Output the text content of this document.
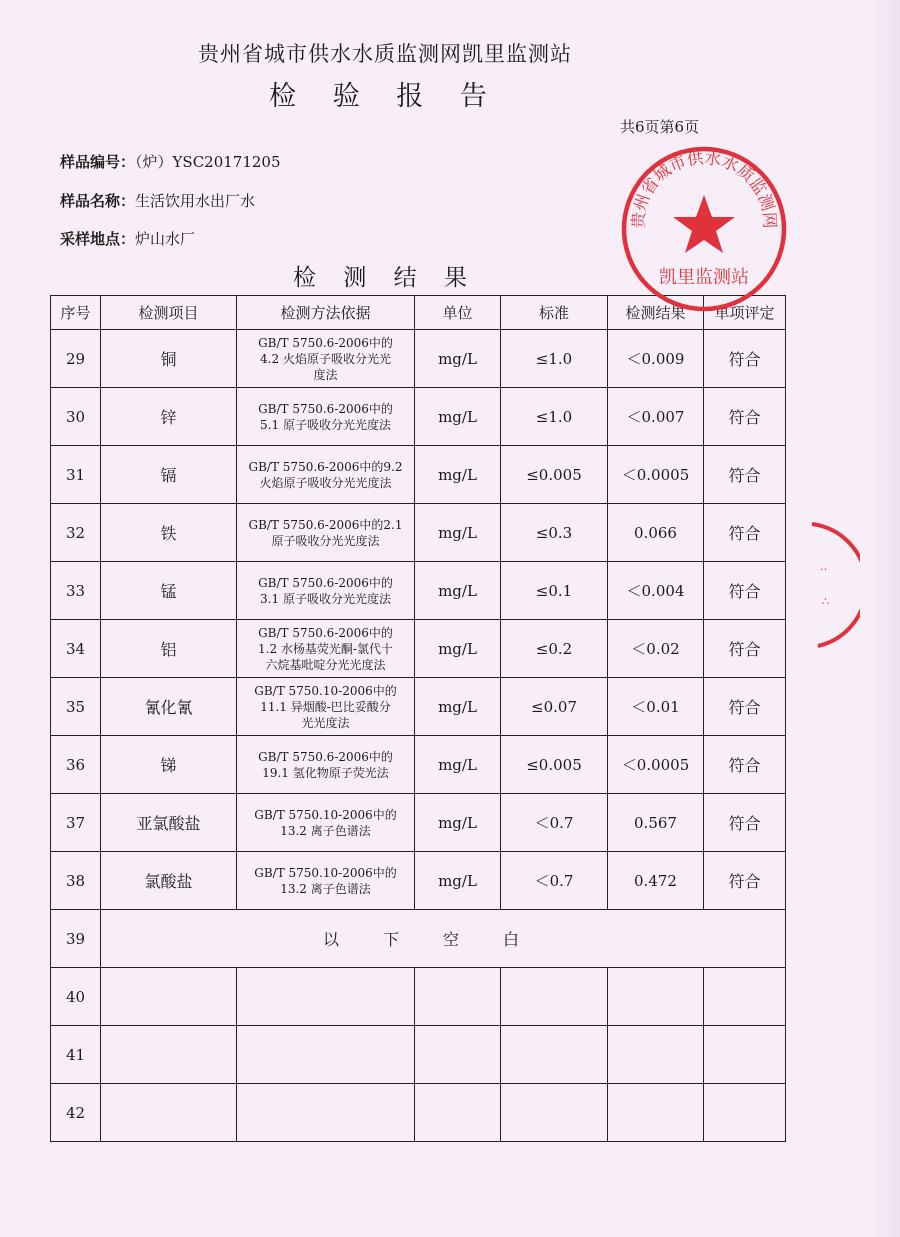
贵州省城市供水水质监测网凯里监测站
检 验 报 告
共6页第6页
样品编号：（炉）YSC20171205
样品名称：生活饮用水出厂水
采样地点：炉山水厂
检 测 结 果
序号	检测项目	检测方法依据	单位	标准	检测结果	单项评定
29	铜	GB/T 5750.6-2006中的
4.2 火焰原子吸收分光光
度法	mg/L	≤1.0	＜0.009	符合
30	锌	GB/T 5750.6-2006中的
5.1 原子吸收分光光度法	mg/L	≤1.0	＜0.007	符合
31	镉	GB/T 5750.6-2006中的9.2
火焰原子吸收分光光度法	mg/L	≤0.005	＜0.0005	符合
32	铁	GB/T 5750.6-2006中的2.1
原子吸收分光光度法	mg/L	≤0.3	0.066	符合
33	锰	GB/T 5750.6-2006中的
3.1 原子吸收分光光度法	mg/L	≤0.1	＜0.004	符合
34	铝	GB/T 5750.6-2006中的
1.2 水杨基荧光酮-氯代十
六烷基吡啶分光光度法	mg/L	≤0.2	＜0.02	符合
35	氰化氰	GB/T 5750.10-2006中的
11.1 异烟酸-巴比妥酸分
光光度法	mg/L	≤0.07	＜0.01	符合
36	锑	GB/T 5750.6-2006中的
19.1 氢化物原子荧光法	mg/L	≤0.005	＜0.0005	符合
37	亚氯酸盐	GB/T 5750.10-2006中的
13.2 离子色谱法	mg/L	＜0.7	0.567	符合
38	氯酸盐	GB/T 5750.10-2006中的
13.2 离子色谱法	mg/L	＜0.7	0.472	符合
39	以下空白					
40						
41						
42						
贵州省城市供水水质监测网
凯里监测站
‥
∴
